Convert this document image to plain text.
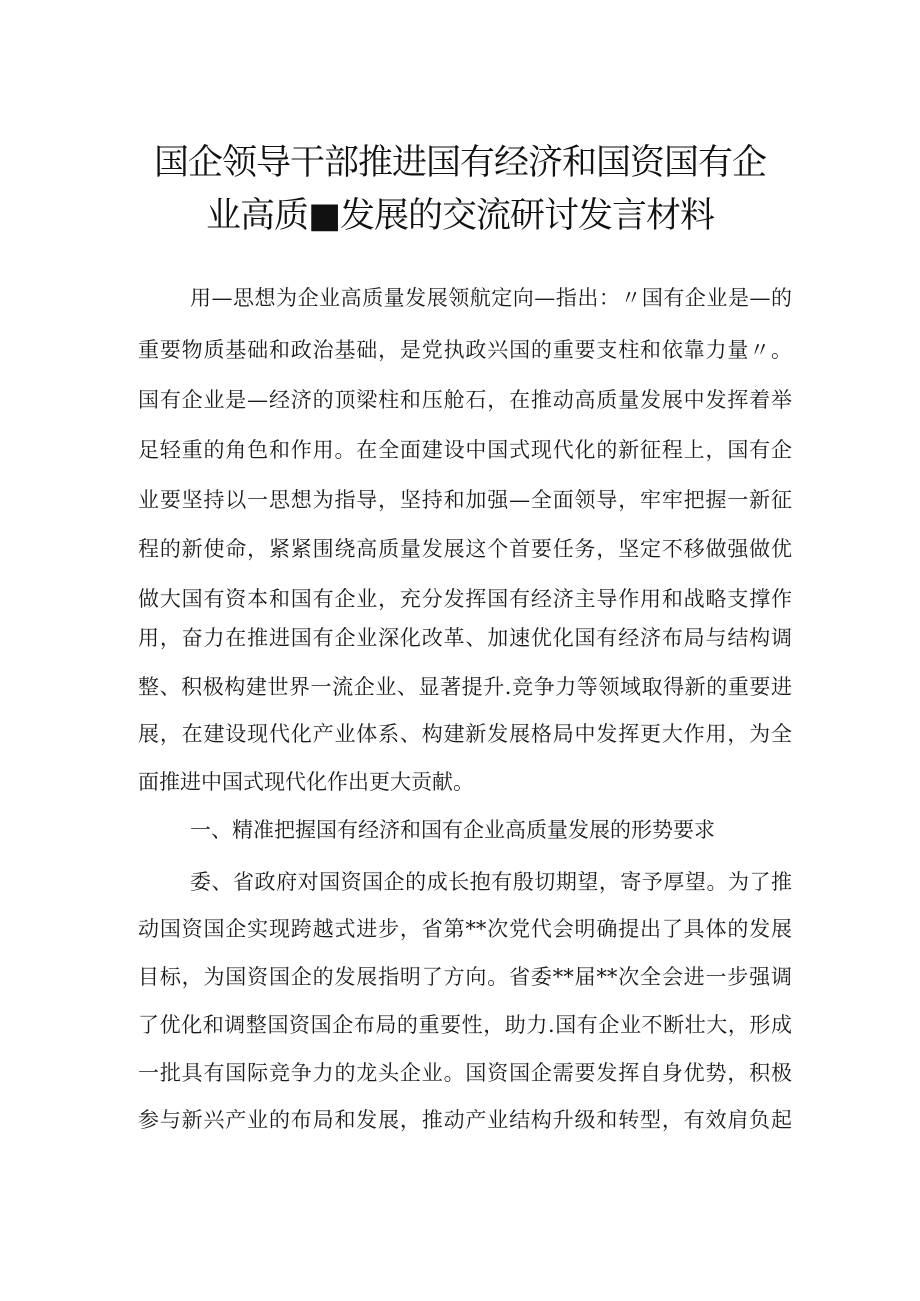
国企领导干部推进国有经济和国资国有企
业高质■发展的交流研讨发言材料
用—思想为企业高质量发展领航定向—指出：〃国有企业是—的
重要物质基础和政治基础，是党执政兴国的重要支柱和依靠力量〃。
国有企业是—经济的顶梁柱和压舱石，在推动高质量发展中发挥着举
足轻重的角色和作用。在全面建设中国式现代化的新征程上，国有企
业要坚持以一思想为指导，坚持和加强—全面领导，牢牢把握一新征
程的新使命，紧紧围绕高质量发展这个首要任务，坚定不移做强做优
做大国有资本和国有企业，充分发挥国有经济主导作用和战略支撑作
用，奋力在推进国有企业深化改革、加速优化国有经济布局与结构调
整、积极构建世界一流企业、显著提升.竞争力等领域取得新的重要进
展，在建设现代化产业体系、构建新发展格局中发挥更大作用，为全
面推进中国式现代化作出更大贡献。
一、精准把握国有经济和国有企业高质量发展的形势要求
委、省政府对国资国企的成长抱有殷切期望，寄予厚望。为了推
动国资国企实现跨越式进步，省第**次党代会明确提出了具体的发展
目标，为国资国企的发展指明了方向。省委**届**次全会进一步强调
了优化和调整国资国企布局的重要性，助力.国有企业不断壮大，形成
一批具有国际竞争力的龙头企业。国资国企需要发挥自身优势，积极
参与新兴产业的布局和发展，推动产业结构升级和转型，有效肩负起
